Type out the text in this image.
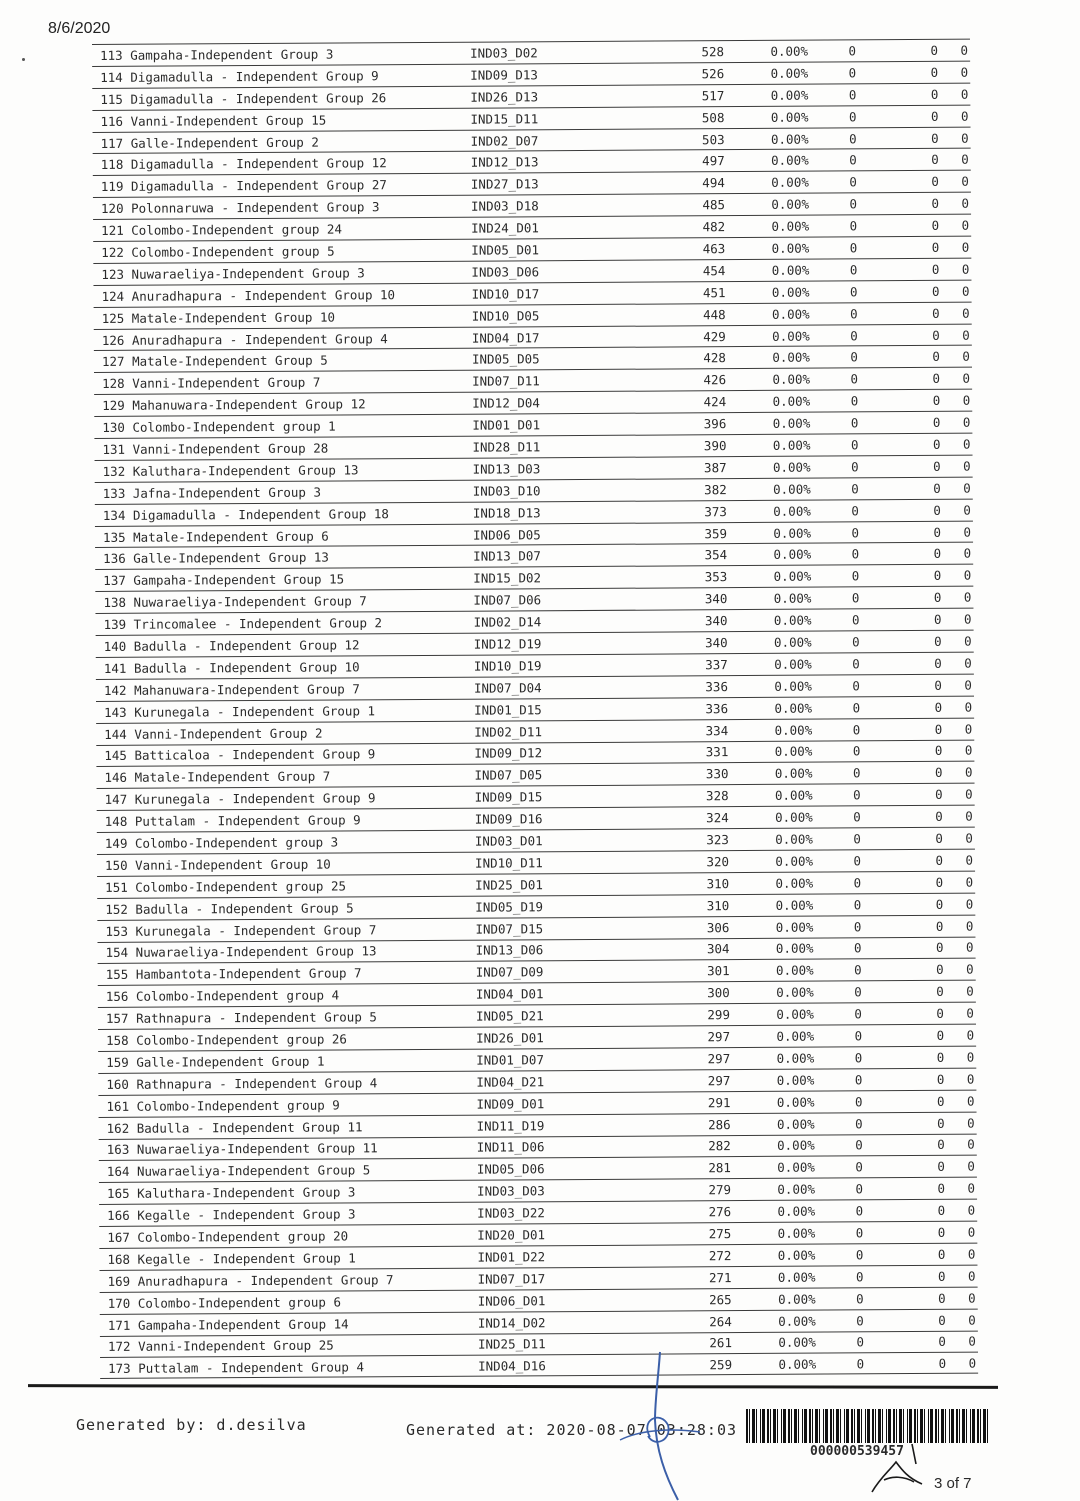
8/6/2020
113 Gampaha-Independent Group 3	IND03_D02	528	0.00%	0	0	0
114 Digamadulla - Independent Group 9	IND09_D13	526	0.00%	0	0	0
115 Digamadulla - Independent Group 26	IND26_D13	517	0.00%	0	0	0
116 Vanni-Independent Group 15	IND15_D11	508	0.00%	0	0	0
117 Galle-Independent Group 2	IND02_D07	503	0.00%	0	0	0
118 Digamadulla - Independent Group 12	IND12_D13	497	0.00%	0	0	0
119 Digamadulla - Independent Group 27	IND27_D13	494	0.00%	0	0	0
120 Polonnaruwa - Independent Group 3	IND03_D18	485	0.00%	0	0	0
121 Colombo-Independent group 24	IND24_D01	482	0.00%	0	0	0
122 Colombo-Independent group 5	IND05_D01	463	0.00%	0	0	0
123 Nuwaraeliya-Independent Group 3	IND03_D06	454	0.00%	0	0	0
124 Anuradhapura - Independent Group 10	IND10_D17	451	0.00%	0	0	0
125 Matale-Independent Group 10	IND10_D05	448	0.00%	0	0	0
126 Anuradhapura - Independent Group 4	IND04_D17	429	0.00%	0	0	0
127 Matale-Independent Group 5	IND05_D05	428	0.00%	0	0	0
128 Vanni-Independent Group 7	IND07_D11	426	0.00%	0	0	0
129 Mahanuwara-Independent Group 12	IND12_D04	424	0.00%	0	0	0
130 Colombo-Independent group 1	IND01_D01	396	0.00%	0	0	0
131 Vanni-Independent Group 28	IND28_D11	390	0.00%	0	0	0
132 Kaluthara-Independent Group 13	IND13_D03	387	0.00%	0	0	0
133 Jafna-Independent Group 3	IND03_D10	382	0.00%	0	0	0
134 Digamadulla - Independent Group 18	IND18_D13	373	0.00%	0	0	0
135 Matale-Independent Group 6	IND06_D05	359	0.00%	0	0	0
136 Galle-Independent Group 13	IND13_D07	354	0.00%	0	0	0
137 Gampaha-Independent Group 15	IND15_D02	353	0.00%	0	0	0
138 Nuwaraeliya-Independent Group 7	IND07_D06	340	0.00%	0	0	0
139 Trincomalee - Independent Group 2	IND02_D14	340	0.00%	0	0	0
140 Badulla - Independent Group 12	IND12_D19	340	0.00%	0	0	0
141 Badulla - Independent Group 10	IND10_D19	337	0.00%	0	0	0
142 Mahanuwara-Independent Group 7	IND07_D04	336	0.00%	0	0	0
143 Kurunegala - Independent Group 1	IND01_D15	336	0.00%	0	0	0
144 Vanni-Independent Group 2	IND02_D11	334	0.00%	0	0	0
145 Batticaloa - Independent Group 9	IND09_D12	331	0.00%	0	0	0
146 Matale-Independent Group 7	IND07_D05	330	0.00%	0	0	0
147 Kurunegala - Independent Group 9	IND09_D15	328	0.00%	0	0	0
148 Puttalam - Independent Group 9	IND09_D16	324	0.00%	0	0	0
149 Colombo-Independent group 3	IND03_D01	323	0.00%	0	0	0
150 Vanni-Independent Group 10	IND10_D11	320	0.00%	0	0	0
151 Colombo-Independent group 25	IND25_D01	310	0.00%	0	0	0
152 Badulla - Independent Group 5	IND05_D19	310	0.00%	0	0	0
153 Kurunegala - Independent Group 7	IND07_D15	306	0.00%	0	0	0
154 Nuwaraeliya-Independent Group 13	IND13_D06	304	0.00%	0	0	0
155 Hambantota-Independent Group 7	IND07_D09	301	0.00%	0	0	0
156 Colombo-Independent group 4	IND04_D01	300	0.00%	0	0	0
157 Rathnapura - Independent Group 5	IND05_D21	299	0.00%	0	0	0
158 Colombo-Independent group 26	IND26_D01	297	0.00%	0	0	0
159 Galle-Independent Group 1	IND01_D07	297	0.00%	0	0	0
160 Rathnapura - Independent Group 4	IND04_D21	297	0.00%	0	0	0
161 Colombo-Independent group 9	IND09_D01	291	0.00%	0	0	0
162 Badulla - Independent Group 11	IND11_D19	286	0.00%	0	0	0
163 Nuwaraeliya-Independent Group 11	IND11_D06	282	0.00%	0	0	0
164 Nuwaraeliya-Independent Group 5	IND05_D06	281	0.00%	0	0	0
165 Kaluthara-Independent Group 3	IND03_D03	279	0.00%	0	0	0
166 Kegalle - Independent Group 3	IND03_D22	276	0.00%	0	0	0
167 Colombo-Independent group 20	IND20_D01	275	0.00%	0	0	0
168 Kegalle - Independent Group 1	IND01_D22	272	0.00%	0	0	0
169 Anuradhapura - Independent Group 7	IND07_D17	271	0.00%	0	0	0
170 Colombo-Independent group 6	IND06_D01	265	0.00%	0	0	0
171 Gampaha-Independent Group 14	IND14_D02	264	0.00%	0	0	0
172 Vanni-Independent Group 25	IND25_D11	261	0.00%	0	0	0
173 Puttalam - Independent Group 4	IND04_D16	259	0.00%	0	0	0
Generated by: d.desilva	Generated at: 2020-08-07 03:28:03
000000539457
3 of 7
